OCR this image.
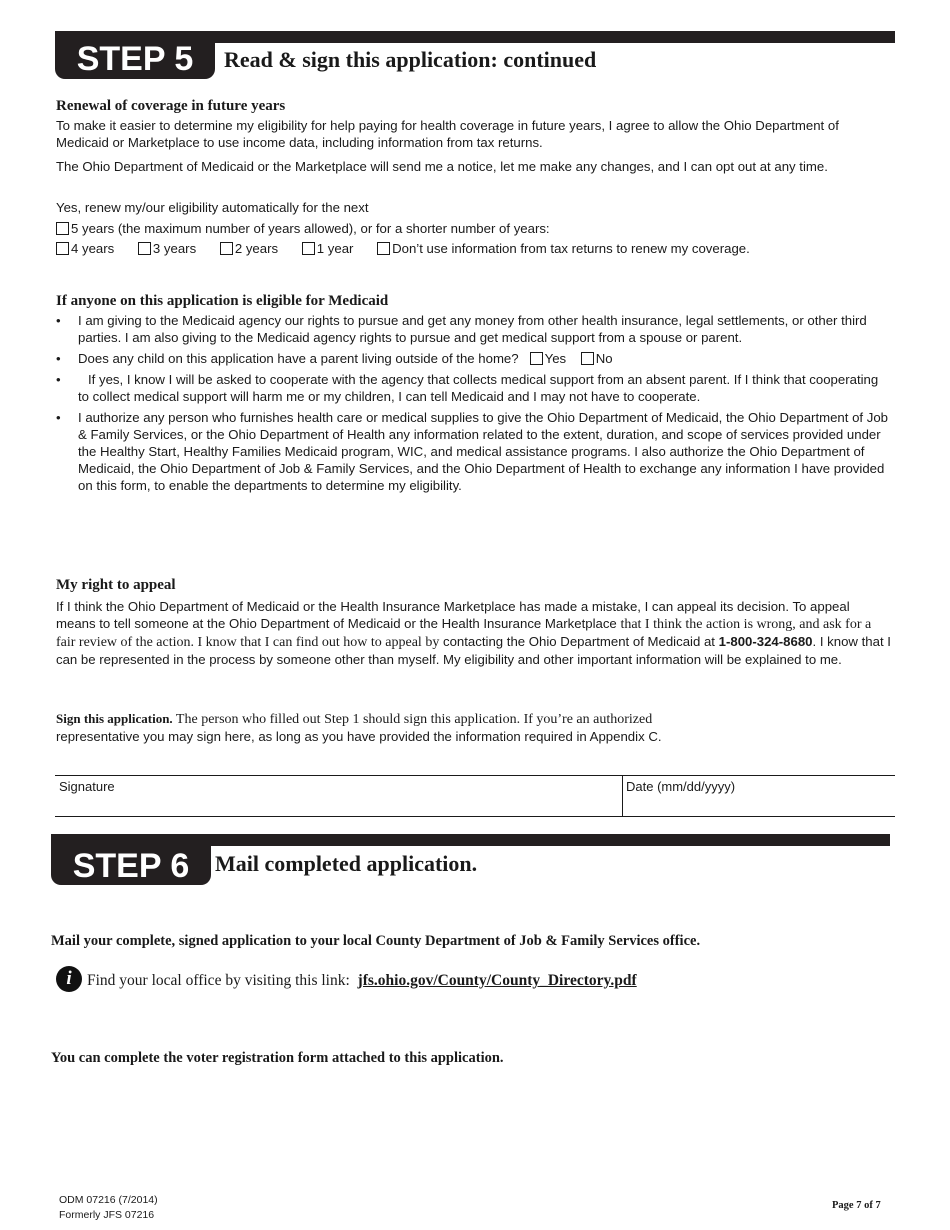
STEP 5	Read & sign this application: continued
Renewal of coverage in future years
To make it easier to determine my eligibility for help paying for health coverage in future years, I agree to allow the Ohio Department of Medicaid or Marketplace to use income data, including information from tax returns.
The Ohio Department of Medicaid or the Marketplace will send me a notice, let me make any changes, and I can opt out at any time.
Yes, renew my/our eligibility automatically for the next
5 years (the maximum number of years allowed), or for a shorter number of years:
4 years	3 years	2 years	1 year	Don’t use information from tax returns to renew my coverage.
If anyone on this application is eligible for Medicaid
• I am giving to the Medicaid agency our rights to pursue and get any money from other health insurance, legal settlements, or other third parties. I am also giving to the Medicaid agency rights to pursue and get medical support from a spouse or parent.
• Does any child on this application have a parent living outside of the home? Yes No
• If yes, I know I will be asked to cooperate with the agency that collects medical support from an absent parent. If I think that cooperating to collect medical support will harm me or my children, I can tell Medicaid and I may not have to cooperate.
• I authorize any person who furnishes health care or medical supplies to give the Ohio Department of Medicaid, the Ohio Department of Job & Family Services, or the Ohio Department of Health any information related to the extent, duration, and scope of services provided under the Healthy Start, Healthy Families Medicaid program, WIC, and medical assistance programs. I also authorize the Ohio Department of Medicaid, the Ohio Department of Job & Family Services, and the Ohio Department of Health to exchange any information I have provided on this form, to enable the departments to determine my eligibility.
My right to appeal
If I think the Ohio Department of Medicaid or the Health Insurance Marketplace has made a mistake, I can appeal its decision. To appeal means to tell someone at the Ohio Department of Medicaid or the Health Insurance Marketplace that I think the action is wrong, and ask for a fair review of the action. I know that I can find out how to appeal by contacting the Ohio Department of Medicaid at 1-800-324-8680. I know that I can be represented in the process by someone other than myself. My eligibility and other important information will be explained to me.
Sign this application. The person who filled out Step 1 should sign this application. If you’re an authorized
representative you may sign here, as long as you have provided the information required in Appendix C.
Signature	Date (mm/dd/yyyy)
STEP 6	Mail completed application.
Mail your complete, signed application to your local County Department of Job & Family Services office.
i Find your local office by visiting this link: jfs.ohio.gov/County/County_Directory.pdf
You can complete the voter registration form attached to this application.
ODM 07216 (7/2014)
Formerly JFS 07216
Page 7 of 7
